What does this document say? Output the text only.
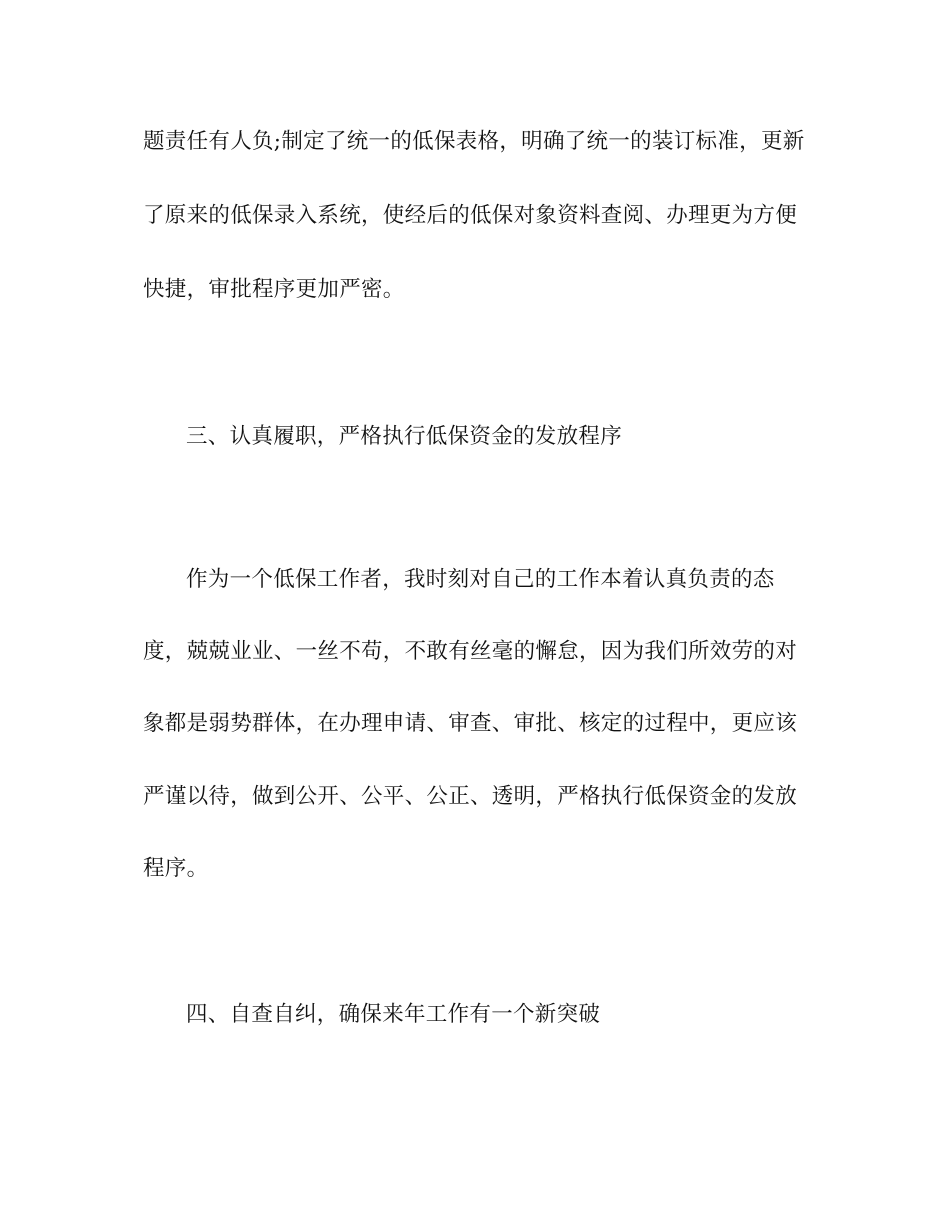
题责任有人负;制定了统一的低保表格，明确了统一的装订标准，更新
了原来的低保录入系统，使经后的低保对象资料查阅、办理更为方便
快捷，审批程序更加严密。
三、认真履职，严格执行低保资金的发放程序
作为一个低保工作者，我时刻对自己的工作本着认真负责的态
度，兢兢业业、一丝不苟，不敢有丝毫的懈怠，因为我们所效劳的对
象都是弱势群体，在办理申请、审查、审批、核定的过程中，更应该
严谨以待，做到公开、公平、公正、透明，严格执行低保资金的发放
程序。
四、自查自纠，确保来年工作有一个新突破
